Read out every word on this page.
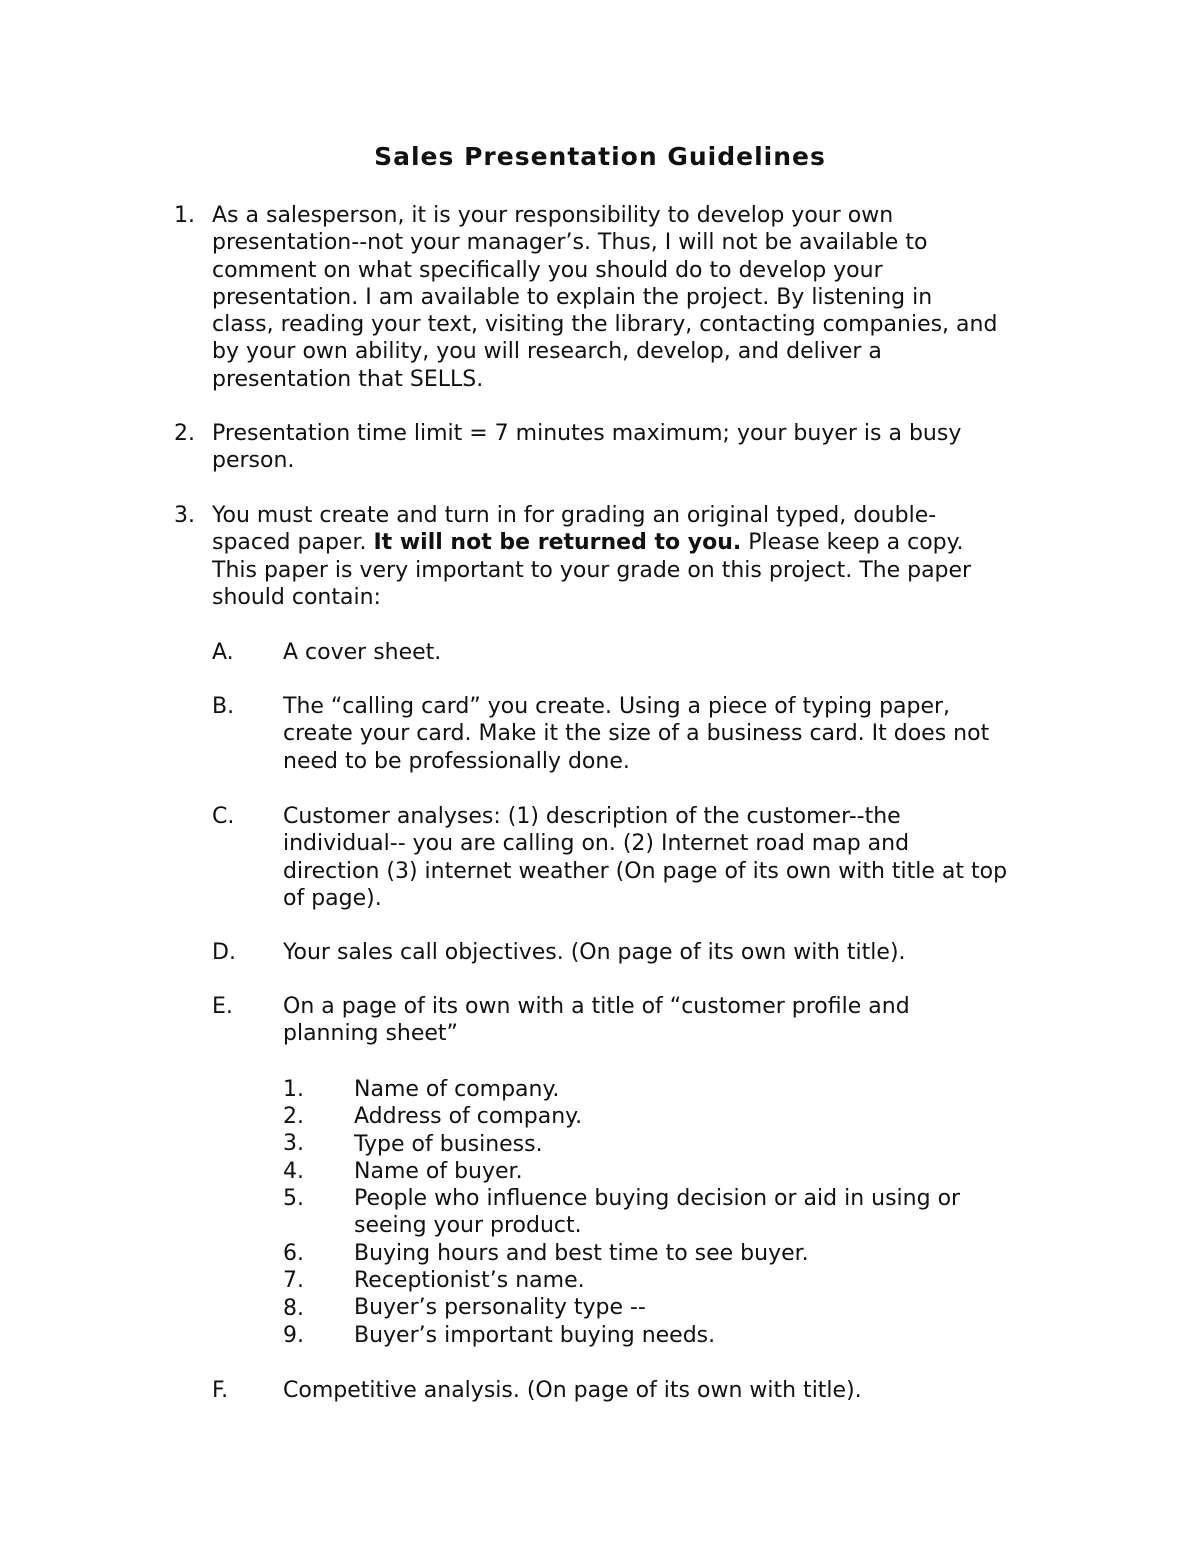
Sales Presentation Guidelines
1. As a salesperson, it is your responsibility to develop your own
presentation--not your manager’s. Thus, I will not be available to
comment on what specifically you should do to develop your
presentation. I am available to explain the project. By listening in
class, reading your text, visiting the library, contacting companies, and
by your own ability, you will research, develop, and deliver a
presentation that SELLS.
2. Presentation time limit = 7 minutes maximum; your buyer is a busy
person.
3. You must create and turn in for grading an original typed, double-
spaced paper. It will not be returned to you. Please keep a copy.
This paper is very important to your grade on this project. The paper
should contain:
A. A cover sheet.
B. The “calling card” you create. Using a piece of typing paper,
create your card. Make it the size of a business card. It does not
need to be professionally done.
C. Customer analyses: (1) description of the customer--the
individual-- you are calling on. (2) Internet road map and
direction (3) internet weather (On page of its own with title at top
of page).
D. Your sales call objectives. (On page of its own with title).
E. On a page of its own with a title of “customer profile and
planning sheet”
1.
2.
3.
4.
5.
6.
7.
8.
9.
Name of company.
Address of company.
Type of business.
Name of buyer.
People who influence buying decision or aid in using or
seeing your product.
Buying hours and best time to see buyer.
Receptionist’s name.
Buyer’s personality type --
Buyer’s important buying needs.
F. Competitive analysis. (On page of its own with title).
